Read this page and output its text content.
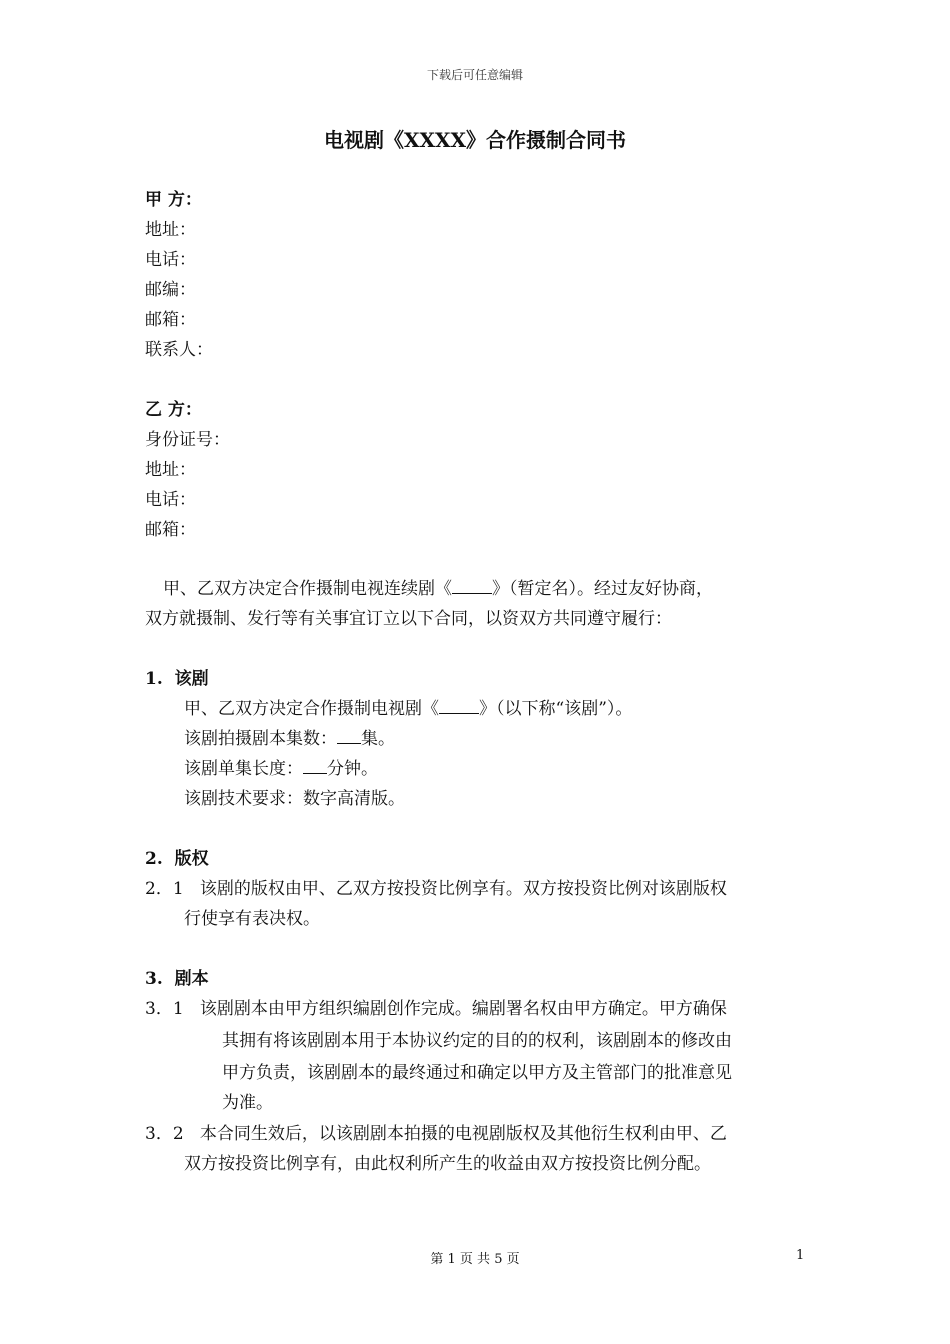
下载后可任意编辑
电视剧《XXXX》合作摄制合同书
甲 方：
地址：
电话：
邮编：
邮箱：
联系人：
乙 方：
身份证号：
地址：
电话：
邮箱：
甲、乙双方决定合作摄制电视连续剧《 》（暂定名）。经过友好协商，
双方就摄制、发行等有关事宜订立以下合同，以资双方共同遵守履行：
1. 该剧
甲、乙双方决定合作摄制电视剧《 》（以下称“该剧”）。
该剧拍摄剧本集数： 集。
该剧单集长度： 分钟。
该剧技术要求：数字高清版。
2. 版权
2．1 该剧的版权由甲、乙双方按投资比例享有。双方按投资比例对该剧版权
行使享有表决权。
3. 剧本
3．1 该剧剧本由甲方组织编剧创作完成。编剧署名权由甲方确定。甲方确保
其拥有将该剧剧本用于本协议约定的目的的权利，该剧剧本的修改由
甲方负责，该剧剧本的最终通过和确定以甲方及主管部门的批准意见
为准。
3．2 本合同生效后，以该剧剧本拍摄的电视剧版权及其他衍生权利由甲、乙
双方按投资比例享有，由此权利所产生的收益由双方按投资比例分配。
第 1 页 共 5 页	1
